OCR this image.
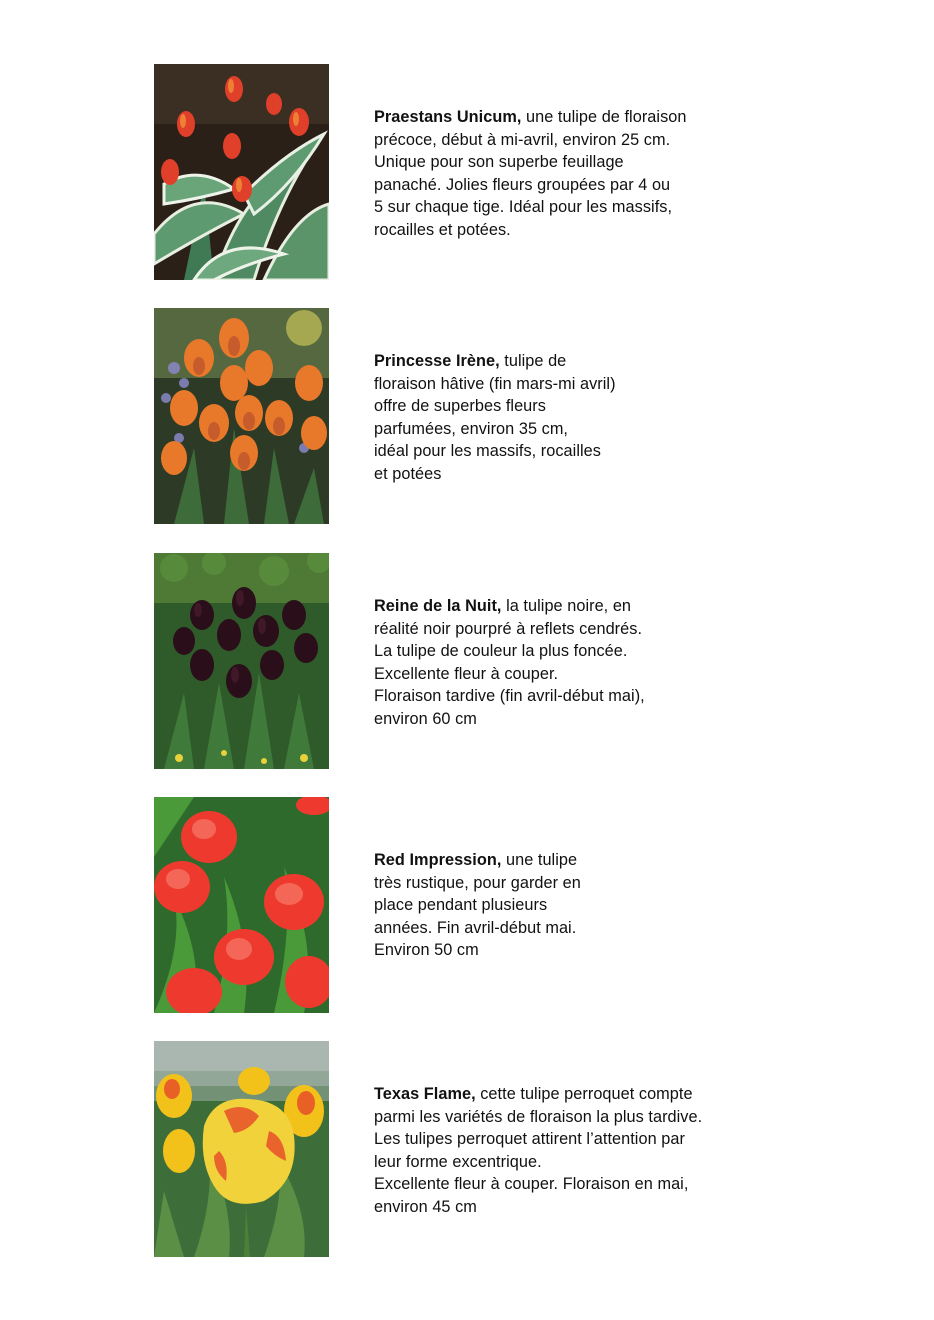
Praestans Unicum, une tulipe de floraison
précoce, début à mi-avril, environ 25 cm.
Unique pour son superbe feuillage
panaché. Jolies fleurs groupées par 4 ou
5 sur chaque tige. Idéal pour les massifs,
rocailles et potées.
Princesse Irène, tulipe de
floraison hâtive (fin mars-mi avril)
offre de superbes fleurs
parfumées, environ 35 cm,
idéal pour les massifs, rocailles
et potées
Reine de la Nuit, la tulipe noire, en
réalité noir pourpré à reflets cendrés.
La tulipe de couleur la plus foncée.
Excellente fleur à couper.
Floraison tardive (fin avril-début mai),
environ 60 cm
Red Impression, une tulipe
très rustique, pour garder en
place pendant plusieurs
années. Fin avril-début mai.
Environ 50 cm
Texas Flame, cette tulipe perroquet compte
parmi les variétés de floraison la plus tardive.
Les tulipes perroquet attirent l’attention par
leur forme excentrique.
Excellente fleur à couper. Floraison en mai,
environ 45 cm
